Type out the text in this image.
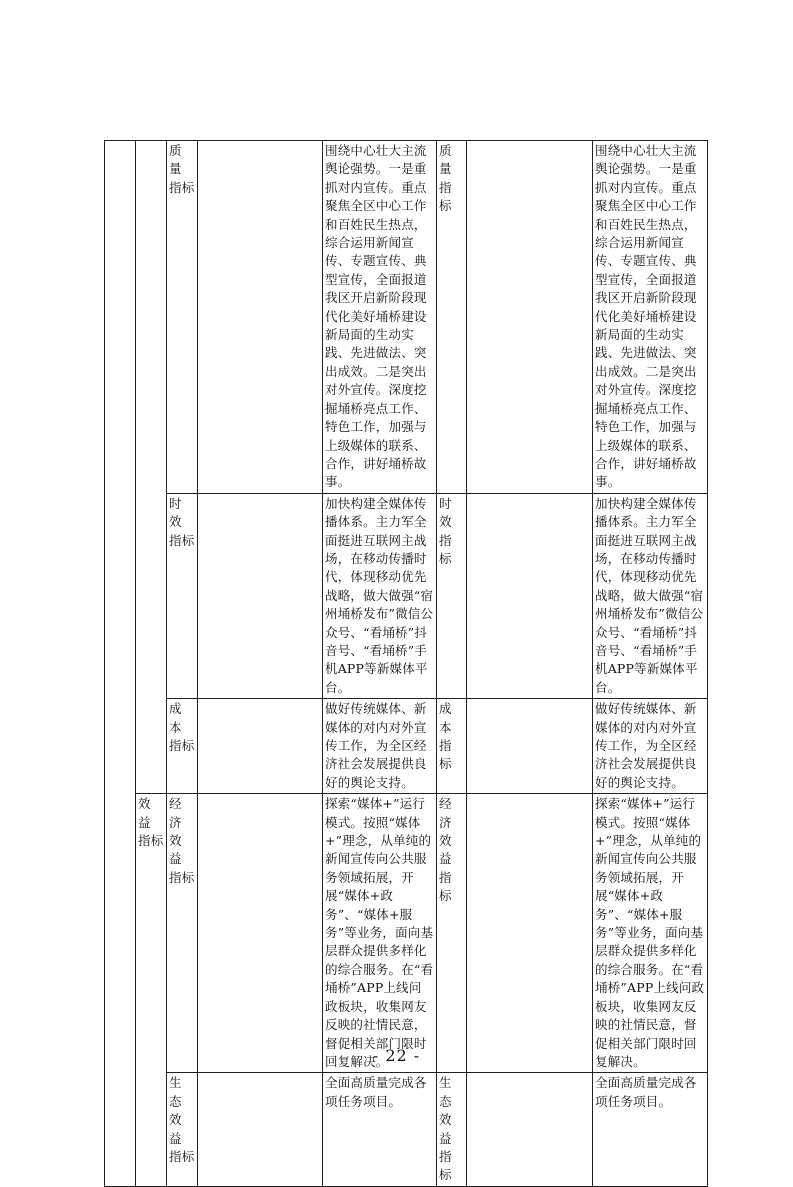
		质 量 指标		围绕中心壮大主流舆论强势。一是重抓对内宣传。重点聚焦全区中心工作和百姓民生热点，综合运用新闻宣传、专题宣传、典型宣传，全面报道我区开启新阶段现代化美好埇桥建设新局面的生动实践、先进做法、突出成效。二是突出对外宣传。深度挖掘埇桥亮点工作、特色工作，加强与上级媒体的联系、合作，讲好埇桥故事。	质 量 指标		围绕中心壮大主流舆论强势。一是重抓对内宣传。重点聚焦全区中心工作和百姓民生热点，综合运用新闻宣传、专题宣传、典型宣传，全面报道我区开启新阶段现代化美好埇桥建设新局面的生动实践、先进做法、突出成效。二是突出对外宣传。深度挖掘埇桥亮点工作、特色工作，加强与上级媒体的联系、合作，讲好埇桥故事。
		时 效 指标		加快构建全媒体传播体系。主力军全面挺进互联网主战场，在移动传播时代，体现移动优先战略，做大做强“宿州埇桥发布”微信公众号、“看埇桥”抖音号、“看埇桥”手机APP等新媒体平台。	时 效 指标		加快构建全媒体传播体系。主力军全面挺进互联网主战场，在移动传播时代，体现移动优先战略，做大做强“宿州埇桥发布”微信公众号、“看埇桥”抖音号、“看埇桥”手机APP等新媒体平台。
		成 本 指标		做好传统媒体、新媒体的对内对外宣传工作，为全区经济社会发展提供良好的舆论支持。	成 本 指标		做好传统媒体、新媒体的对内对外宣传工作，为全区经济社会发展提供良好的舆论支持。
	效 益 指标	经 济 效 益 指标		探索“媒体+”运行模式。按照“媒体+”理念，从单纯的新闻宣传向公共服务领域拓展，开展“媒体+政务”、“媒体+服务”等业务，面向基层群众提供多样化的综合服务。在“看埇桥”APP上线问政板块，收集网友反映的社情民意，督促相关部门限时回复解决。	经 济 效 益 指标		探索“媒体+”运行模式。按照“媒体+”理念，从单纯的新闻宣传向公共服务领域拓展，开展“媒体+政务”、“媒体+服务”等业务，面向基层群众提供多样化的综合服务。在“看埇桥”APP上线问政板块，收集网友反映的社情民意，督促相关部门限时回复解决。
		生 态 效 益 指标		全面高质量完成各项任务项目。	生 态 效 益 指标		全面高质量完成各项任务项目。
- 22 -
